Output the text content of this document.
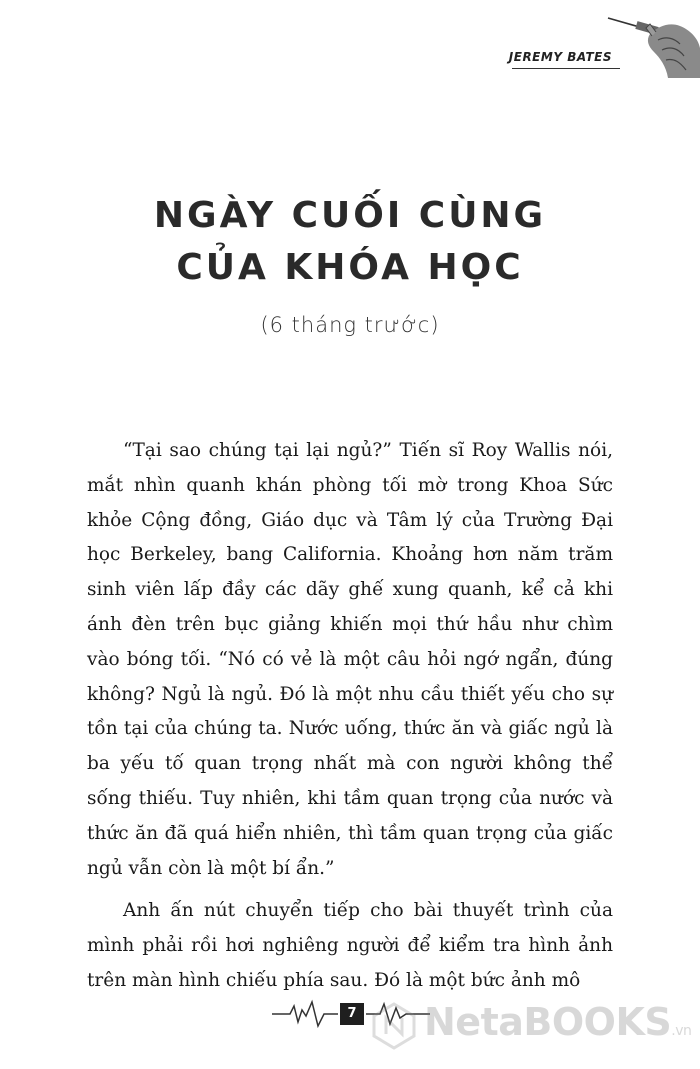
JEREMY BATES
NGÀY CUỐI CÙNG
CỦA KHÓA HỌC
(6 tháng trước)

“Tại sao chúng tại lại ngủ?” Tiến sĩ Roy Wallis nói, mắt nhìn quanh khán phòng tối mờ trong Khoa Sức khỏe Cộng đồng, Giáo dục và Tâm lý của Trường Đại học Berkeley, bang California. Khoảng hơn năm trăm sinh viên lấp đầy các dãy ghế xung quanh, kể cả khi ánh đèn trên bục giảng khiến mọi thứ hầu như chìm vào bóng tối. “Nó có vẻ là một câu hỏi ngớ ngẩn, đúng không? Ngủ là ngủ. Đó là một nhu cầu thiết yếu cho sự tồn tại của chúng ta. Nước uống, thức ăn và giấc ngủ là ba yếu tố quan trọng nhất mà con người không thể sống thiếu. Tuy nhiên, khi tầm quan trọng của nước và thức ăn đã quá hiển nhiên, thì tầm quan trọng của giấc ngủ vẫn còn là một bí ẩn.”

Anh ấn nút chuyển tiếp cho bài thuyết trình của mình phải rồi hơi nghiêng người để kiểm tra hình ảnh trên màn hình chiếu phía sau. Đó là một bức ảnh mô

7 NetaBOOKS.vn
